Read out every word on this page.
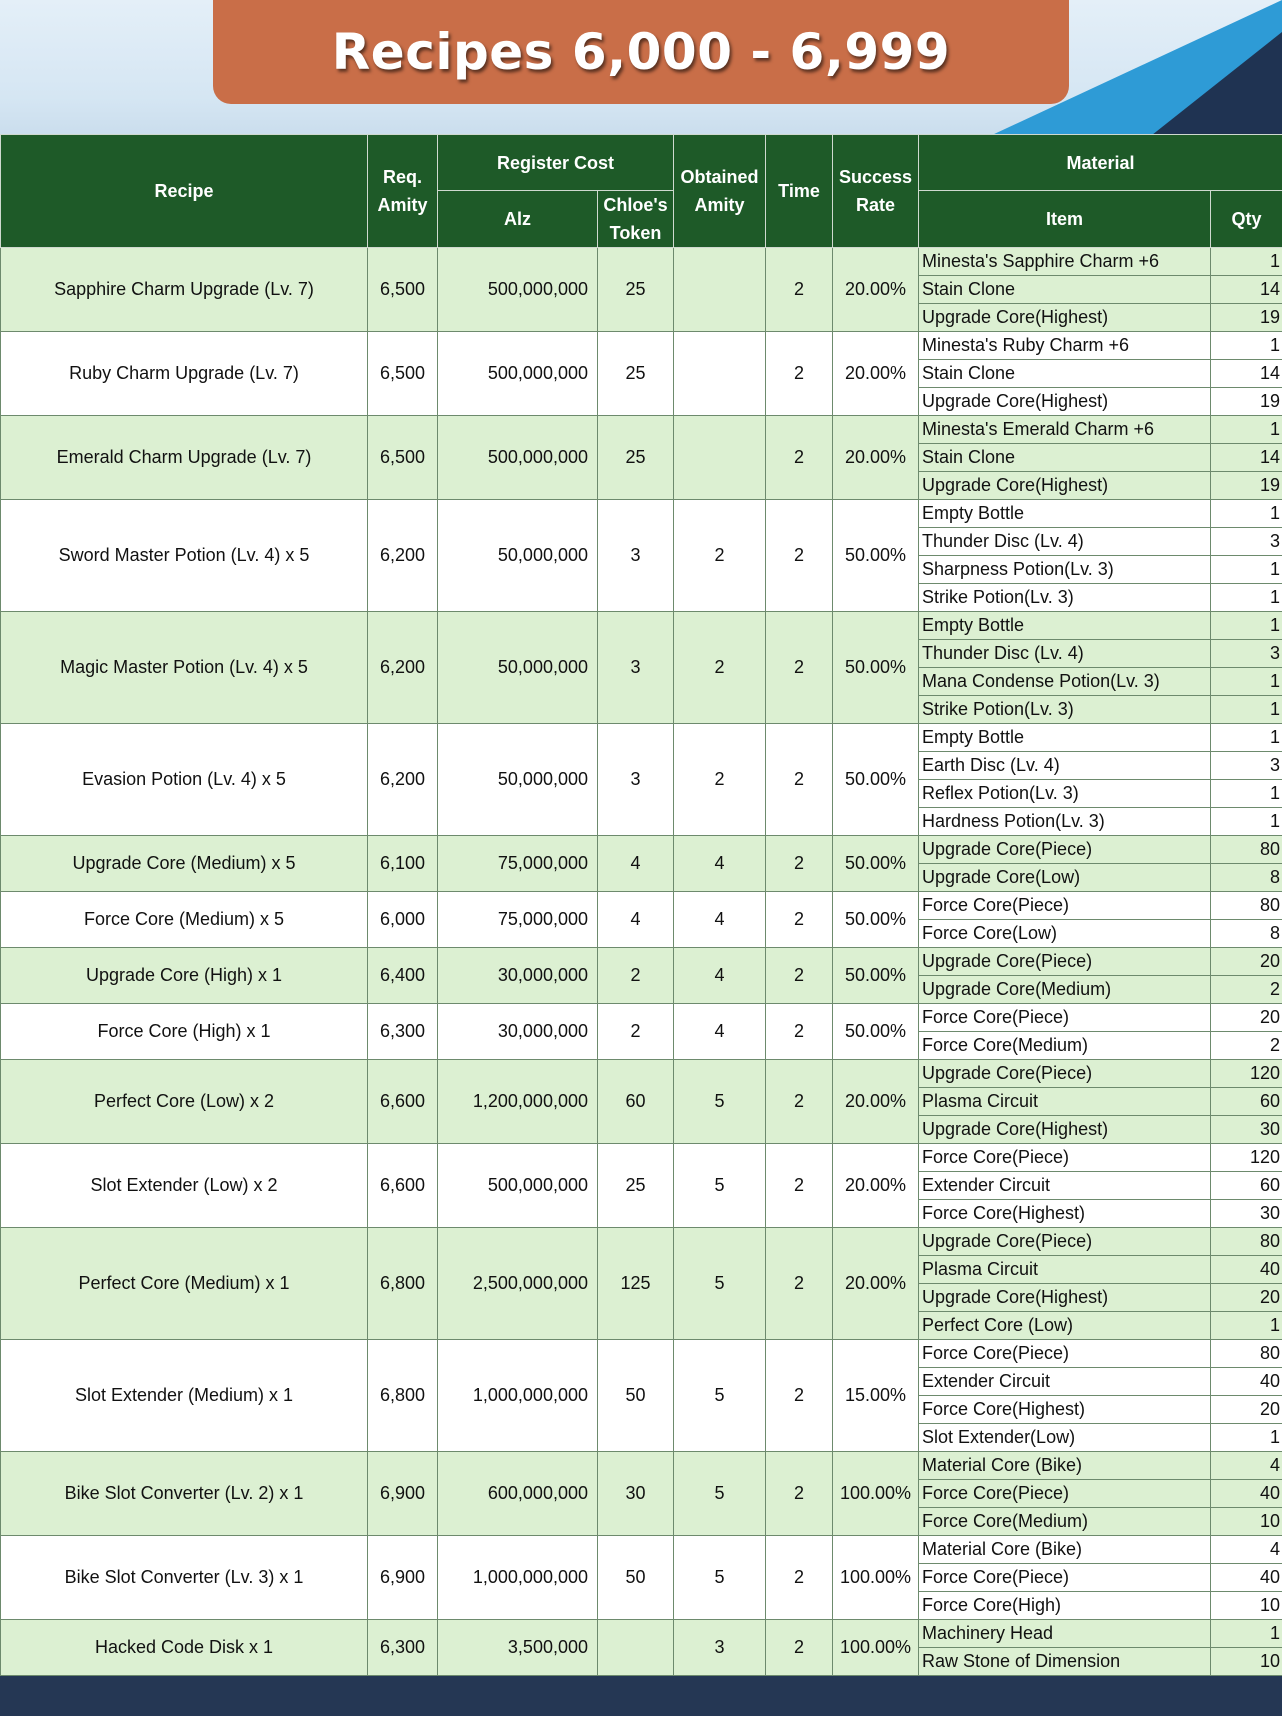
Recipes 6,000 - 6,999
Recipe	Req. Amity	Register Cost		Obtained Amity	Time	Success Rate	Material	
		Alz	Chloe's Token				Item	Qty
Sapphire Charm Upgrade (Lv. 7)	6,500	500,000,000	25		2	20.00%	Minesta's Sapphire Charm +6	1
							Stain Clone	14
							Upgrade Core(Highest)	19
Ruby Charm Upgrade (Lv. 7)	6,500	500,000,000	25		2	20.00%	Minesta's Ruby Charm +6	1
							Stain Clone	14
							Upgrade Core(Highest)	19
Emerald Charm Upgrade (Lv. 7)	6,500	500,000,000	25		2	20.00%	Minesta's Emerald Charm +6	1
							Stain Clone	14
							Upgrade Core(Highest)	19
Sword Master Potion (Lv. 4) x 5	6,200	50,000,000	3	2	2	50.00%	Empty Bottle	1
							Thunder Disc (Lv. 4)	3
							Sharpness Potion(Lv. 3)	1
							Strike Potion(Lv. 3)	1
Magic Master Potion (Lv. 4) x 5	6,200	50,000,000	3	2	2	50.00%	Empty Bottle	1
							Thunder Disc (Lv. 4)	3
							Mana Condense Potion(Lv. 3)	1
							Strike Potion(Lv. 3)	1
Evasion Potion (Lv. 4) x 5	6,200	50,000,000	3	2	2	50.00%	Empty Bottle	1
							Earth Disc (Lv. 4)	3
							Reflex Potion(Lv. 3)	1
							Hardness Potion(Lv. 3)	1
Upgrade Core (Medium) x 5	6,100	75,000,000	4	4	2	50.00%	Upgrade Core(Piece)	80
							Upgrade Core(Low)	8
Force Core (Medium) x 5	6,000	75,000,000	4	4	2	50.00%	Force Core(Piece)	80
							Force Core(Low)	8
Upgrade Core (High) x 1	6,400	30,000,000	2	4	2	50.00%	Upgrade Core(Piece)	20
							Upgrade Core(Medium)	2
Force Core (High) x 1	6,300	30,000,000	2	4	2	50.00%	Force Core(Piece)	20
							Force Core(Medium)	2
Perfect Core (Low) x 2	6,600	1,200,000,000	60	5	2	20.00%	Upgrade Core(Piece)	120
							Plasma Circuit	60
							Upgrade Core(Highest)	30
Slot Extender (Low) x 2	6,600	500,000,000	25	5	2	20.00%	Force Core(Piece)	120
							Extender Circuit	60
							Force Core(Highest)	30
Perfect Core (Medium) x 1	6,800	2,500,000,000	125	5	2	20.00%	Upgrade Core(Piece)	80
							Plasma Circuit	40
							Upgrade Core(Highest)	20
							Perfect Core (Low)	1
Slot Extender (Medium) x 1	6,800	1,000,000,000	50	5	2	15.00%	Force Core(Piece)	80
							Extender Circuit	40
							Force Core(Highest)	20
							Slot Extender(Low)	1
Bike Slot Converter (Lv. 2) x 1	6,900	600,000,000	30	5	2	100.00%	Material Core (Bike)	4
							Force Core(Piece)	40
							Force Core(Medium)	10
Bike Slot Converter (Lv. 3) x 1	6,900	1,000,000,000	50	5	2	100.00%	Material Core (Bike)	4
							Force Core(Piece)	40
							Force Core(High)	10
Hacked Code Disk x 1	6,300	3,500,000		3	2	100.00%	Machinery Head	1
							Raw Stone of Dimension	10
